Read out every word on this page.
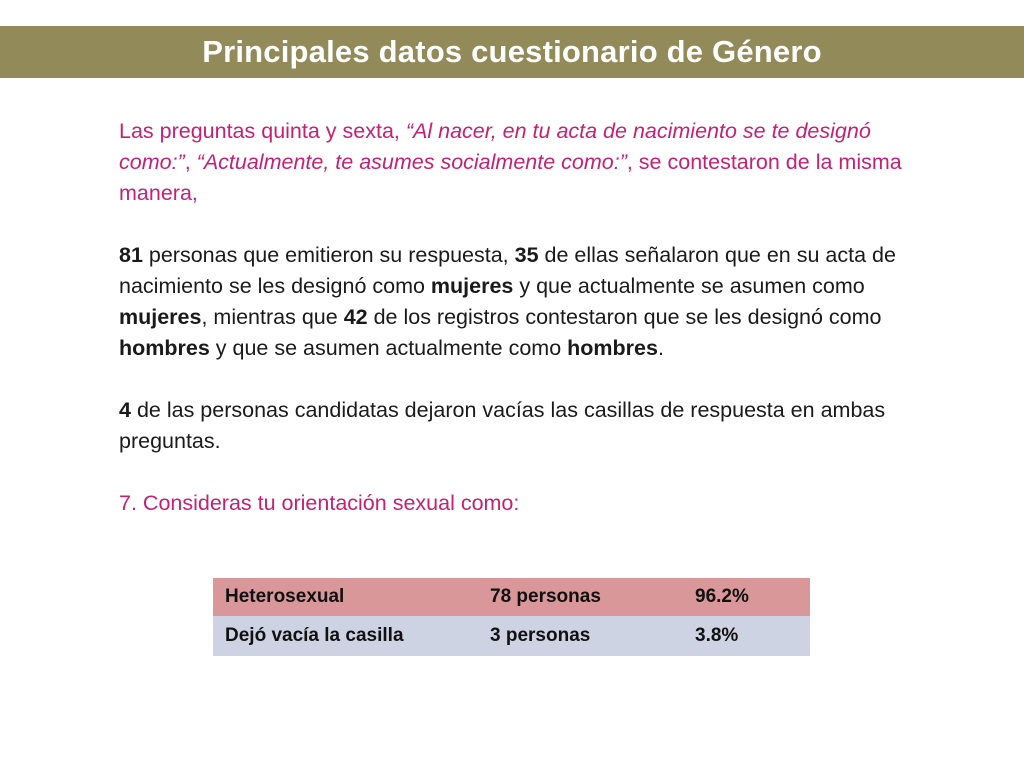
Principales datos cuestionario de Género

Las preguntas quinta y sexta, “Al nacer, en tu acta de nacimiento se te designó como:”, “Actualmente, te asumes socialmente como:”, se contestaron de la misma manera,

81 personas que emitieron su respuesta, 35 de ellas señalaron que en su acta de nacimiento se les designó como mujeres y que actualmente se asumen como mujeres, mientras que 42 de los registros contestaron que se les designó como hombres y que se asumen actualmente como hombres.

4 de las personas candidatas dejaron vacías las casillas de respuesta en ambas preguntas.

7. Consideras tu orientación sexual como:

Heterosexual	78 personas	96.2%
Dejó vacía la casilla	3 personas	3.8%
